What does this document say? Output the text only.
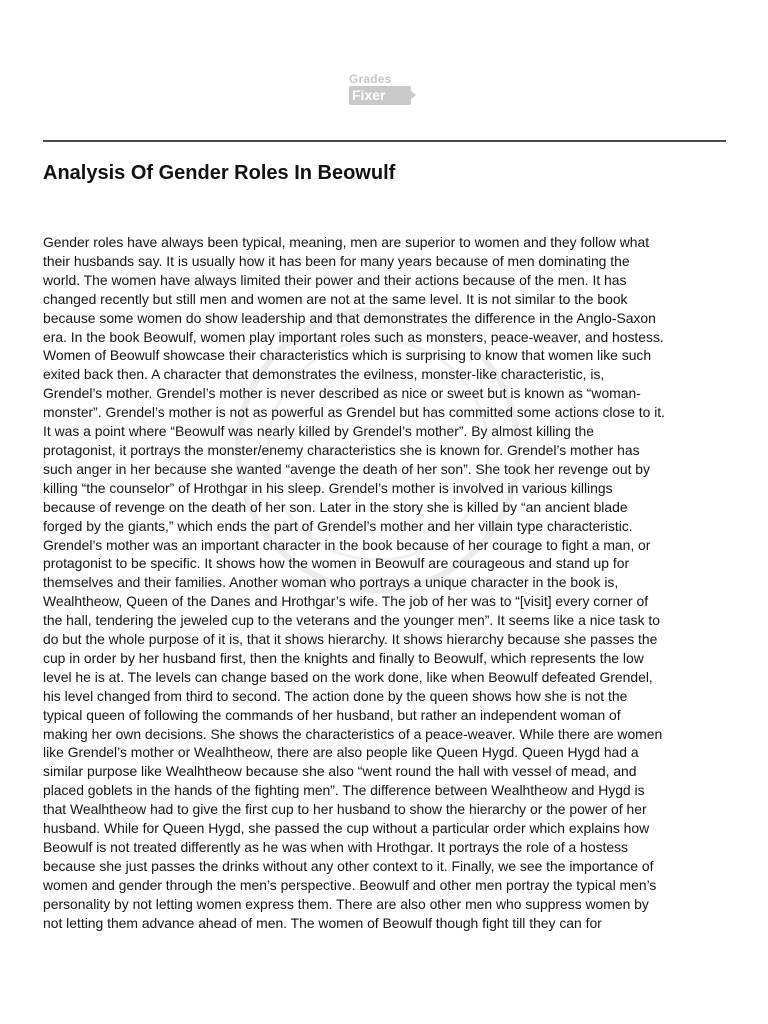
Grades
Fixer
Analysis Of Gender Roles In Beowulf
Gender roles have always been typical, meaning, men are superior to women and they follow what
their husbands say. It is usually how it has been for many years because of men dominating the
world. The women have always limited their power and their actions because of the men. It has
changed recently but still men and women are not at the same level. It is not similar to the book
because some women do show leadership and that demonstrates the difference in the Anglo-Saxon
era. In the book Beowulf, women play important roles such as monsters, peace-weaver, and hostess.
Women of Beowulf showcase their characteristics which is surprising to know that women like such
exited back then. A character that demonstrates the evilness, monster-like characteristic, is,
Grendel’s mother. Grendel’s mother is never described as nice or sweet but is known as “woman-
monster”. Grendel’s mother is not as powerful as Grendel but has committed some actions close to it.
It was a point where “Beowulf was nearly killed by Grendel’s mother”. By almost killing the
protagonist, it portrays the monster/enemy characteristics she is known for. Grendel’s mother has
such anger in her because she wanted “avenge the death of her son”. She took her revenge out by
killing “the counselor” of Hrothgar in his sleep. Grendel’s mother is involved in various killings
because of revenge on the death of her son. Later in the story she is killed by “an ancient blade
forged by the giants,” which ends the part of Grendel’s mother and her villain type characteristic.
Grendel’s mother was an important character in the book because of her courage to fight a man, or
protagonist to be specific. It shows how the women in Beowulf are courageous and stand up for
themselves and their families. Another woman who portrays a unique character in the book is,
Wealhtheow, Queen of the Danes and Hrothgar’s wife. The job of her was to “[visit] every corner of
the hall, tendering the jeweled cup to the veterans and the younger men”. It seems like a nice task to
do but the whole purpose of it is, that it shows hierarchy. It shows hierarchy because she passes the
cup in order by her husband first, then the knights and finally to Beowulf, which represents the low
level he is at. The levels can change based on the work done, like when Beowulf defeated Grendel,
his level changed from third to second. The action done by the queen shows how she is not the
typical queen of following the commands of her husband, but rather an independent woman of
making her own decisions. She shows the characteristics of a peace-weaver. While there are women
like Grendel’s mother or Wealhtheow, there are also people like Queen Hygd. Queen Hygd had a
similar purpose like Wealhtheow because she also “went round the hall with vessel of mead, and
placed goblets in the hands of the fighting men”. The difference between Wealhtheow and Hygd is
that Wealhtheow had to give the first cup to her husband to show the hierarchy or the power of her
husband. While for Queen Hygd, she passed the cup without a particular order which explains how
Beowulf is not treated differently as he was when with Hrothgar. It portrays the role of a hostess
because she just passes the drinks without any other context to it. Finally, we see the importance of
women and gender through the men’s perspective. Beowulf and other men portray the typical men’s
personality by not letting women express them. There are also other men who suppress women by
not letting them advance ahead of men. The women of Beowulf though fight till they can for
